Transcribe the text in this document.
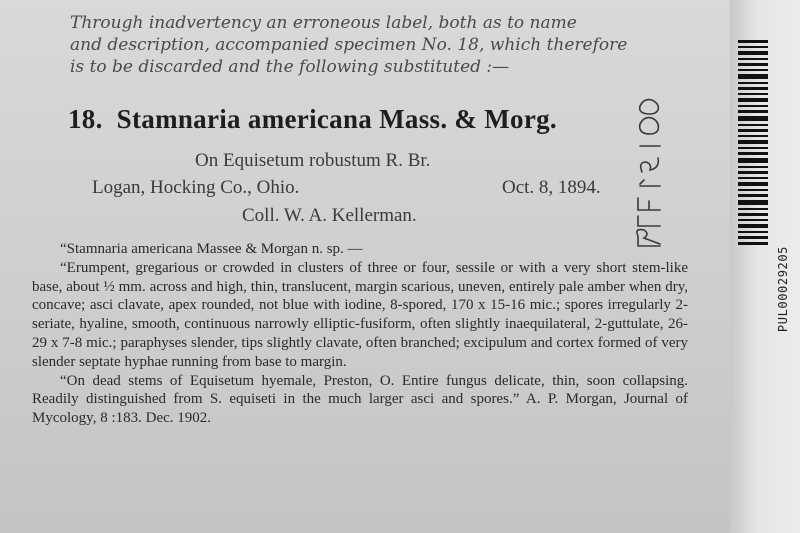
Through inadvertency an erroneous label, both as to name

and description, accompanied specimen No. 18, which therefore

is to be discarded and the following substituted :—

18. Stamnaria americana Mass. & Morg.
On Equisetum robustum R. Br.
Logan, Hocking Co., Ohio.	Oct. 8, 1894.
Coll. W. A. Kellerman.

“Stamnaria americana Massee & Morgan n. sp. —

“Erumpent, gregarious or crowded in clusters of three or four, sessile or with a very short stem-like base, about ½ mm. across and high, thin, translucent, margin scarious, uneven, entirely pale amber when dry, concave; asci clavate, apex rounded, not blue with iodine, 8-spored, 170 x 15-16 mic.; spores irregularly 2-seriate, hyaline, smooth, continuous narrowly elliptic-fusiform, often slightly inaequilateral, 2-guttulate, 26-29 x 7-8 mic.; paraphyses slender, tips slightly clavate, often branched; excipulum and cortex formed of very slender septate hyphae running from base to margin.

“On dead stems of Equisetum hyemale, Preston, O. Entire fungus delicate, thin, soon collapsing. Readily distinguished from S. equiseti in the much larger asci and spores.” A. P. Morgan, Journal of Mycology, 8 :183. Dec. 1902.

PUL00029205
